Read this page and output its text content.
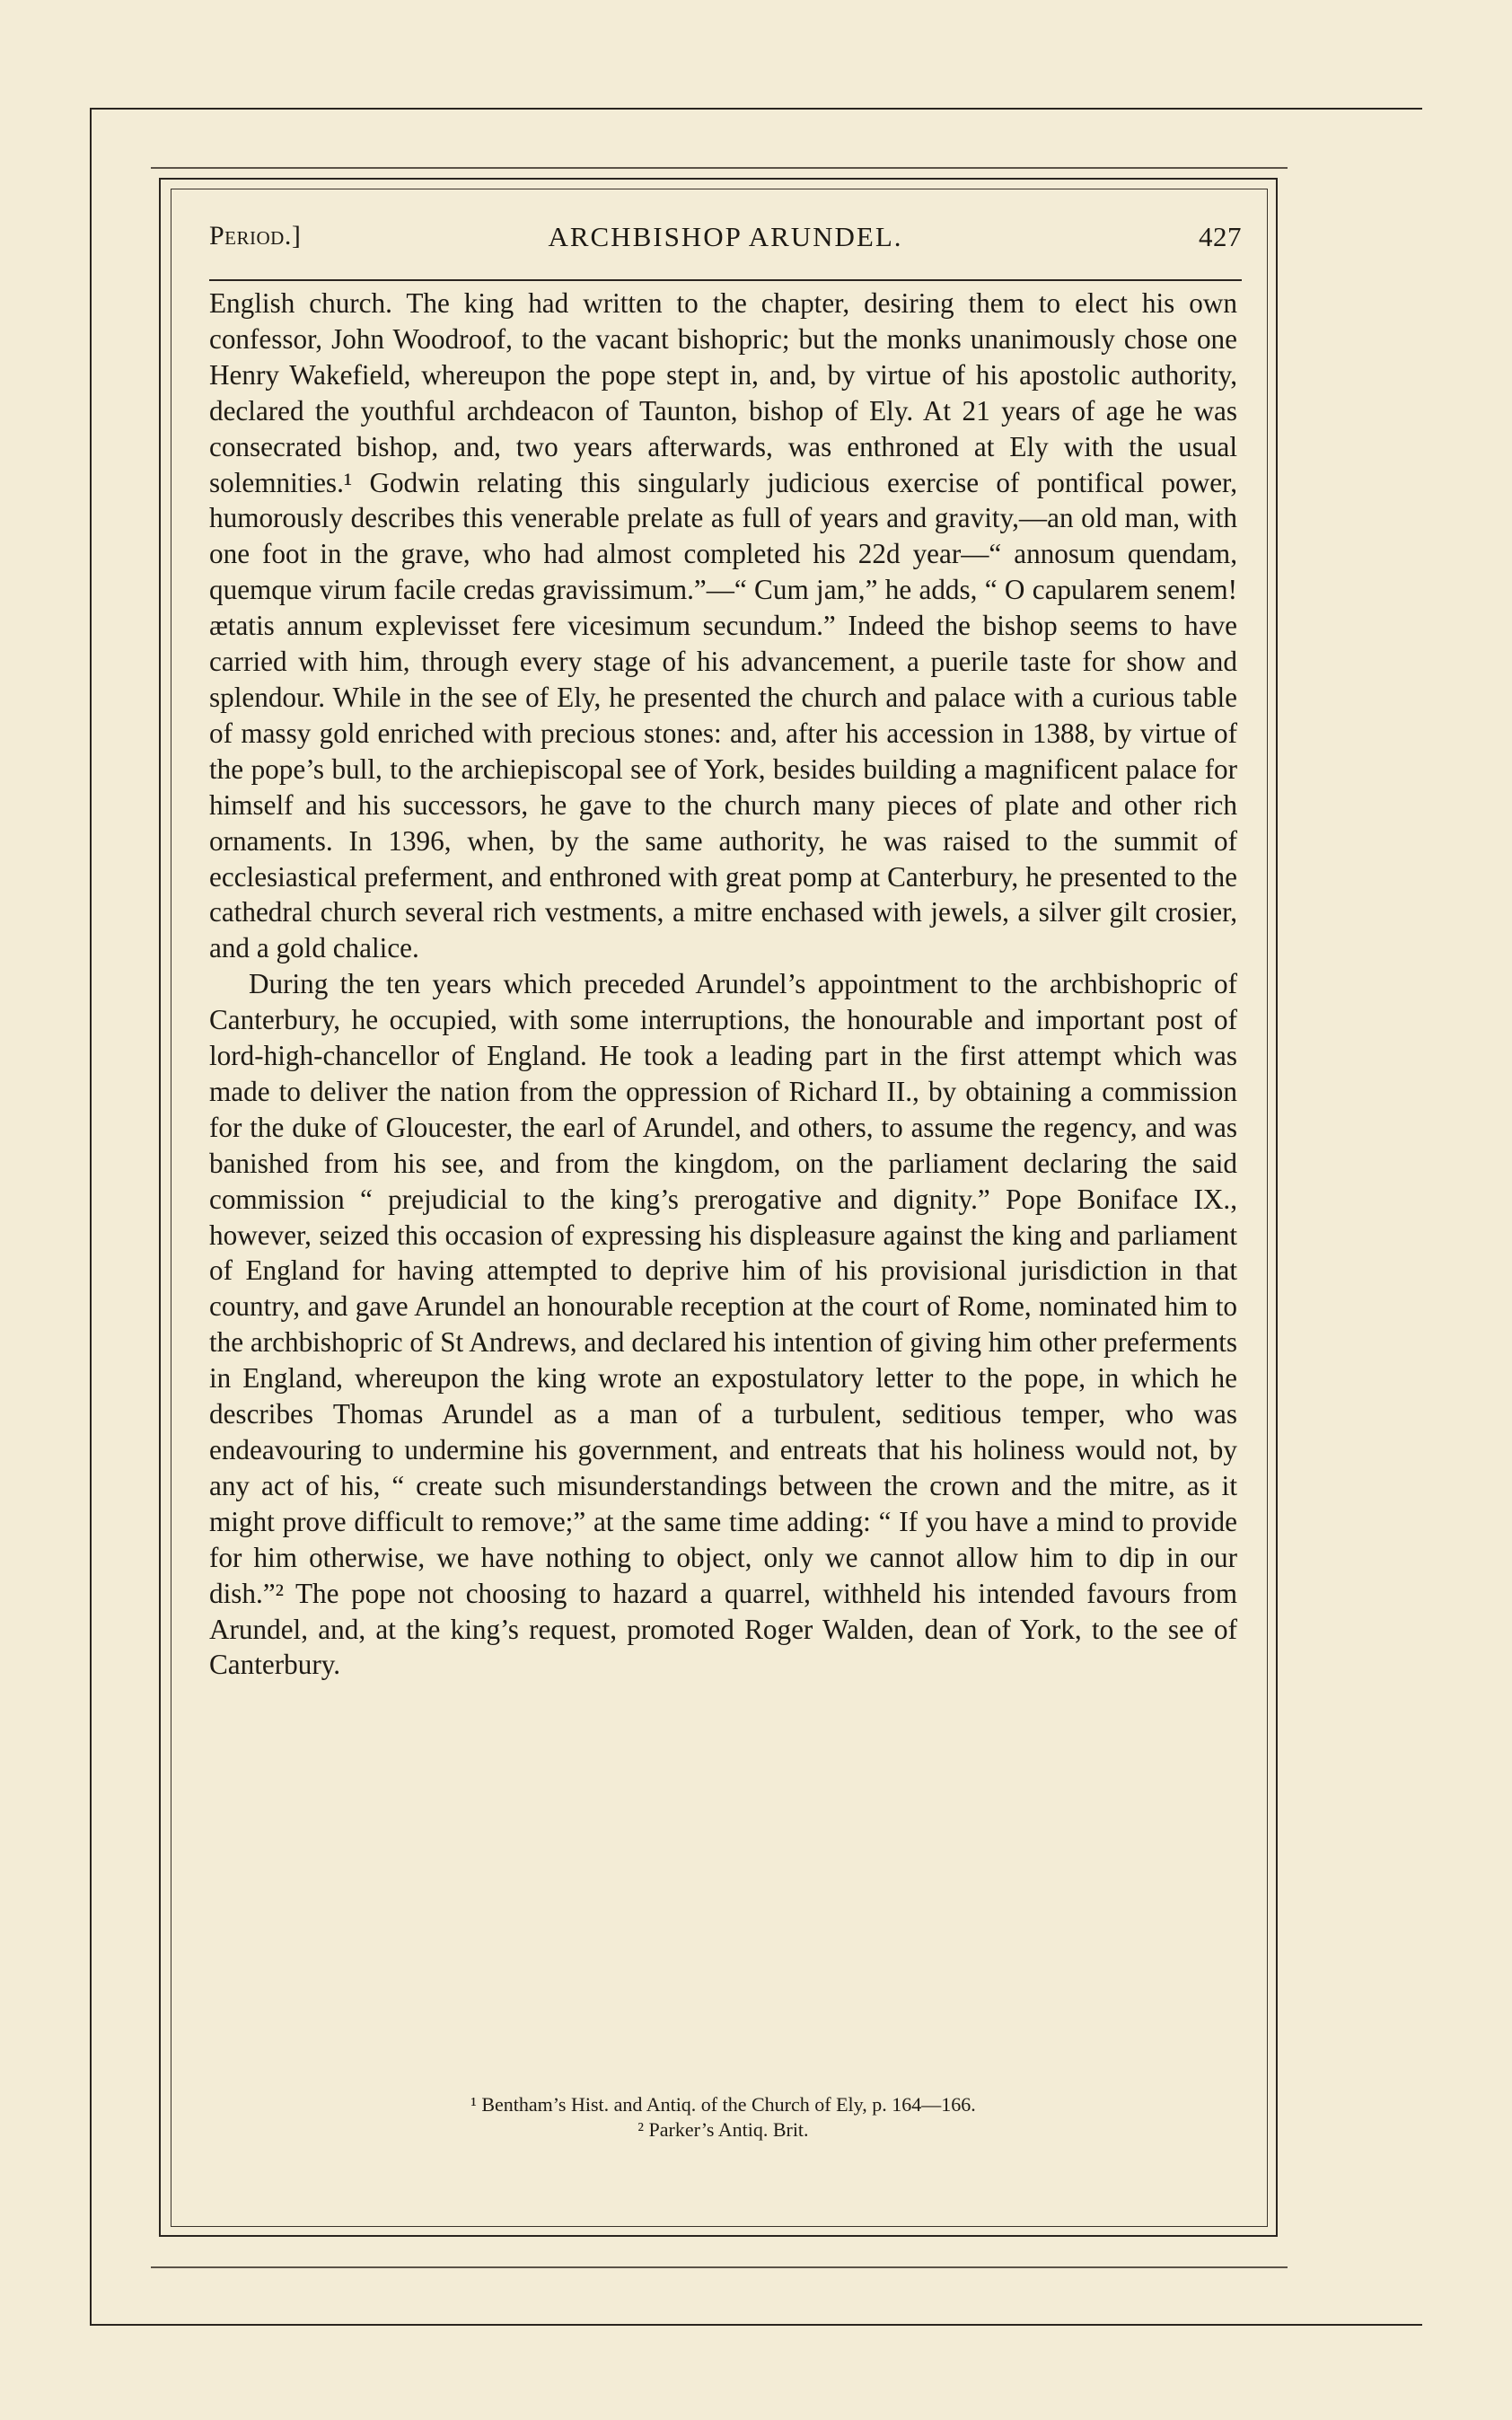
Period.]	ARCHBISHOP ARUNDEL.	427

English church. The king had written to the chapter, desiring them to elect his own confessor, John Woodroof, to the vacant bishopric; but the monks unanimously chose one Henry Wakefield, whereupon the pope stept in, and, by virtue of his apostolic authority, declared the youthful archdeacon of Taunton, bishop of Ely. At 21 years of age he was consecrated bishop, and, two years afterwards, was enthroned at Ely with the usual solemnities.¹ Godwin relating this singularly judicious exercise of pontifical power, humorously describes this venerable prelate as full of years and gravity,—an old man, with one foot in the grave, who had almost completed his 22d year—“ annosum quendam, quemque virum facile credas gravissimum.”—“ Cum jam,” he adds, “ O capularem senem! ætatis annum explevisset fere vicesimum secundum.” Indeed the bishop seems to have carried with him, through every stage of his advancement, a puerile taste for show and splendour. While in the see of Ely, he presented the church and palace with a curious table of massy gold enriched with precious stones: and, after his accession in 1388, by virtue of the pope’s bull, to the archiepiscopal see of York, besides building a magnificent palace for himself and his successors, he gave to the church many pieces of plate and other rich ornaments. In 1396, when, by the same authority, he was raised to the summit of ecclesiastical preferment, and enthroned with great pomp at Canterbury, he presented to the cathedral church several rich vestments, a mitre enchased with jewels, a silver gilt crosier, and a gold chalice.

During the ten years which preceded Arundel’s appointment to the archbishopric of Canterbury, he occupied, with some interruptions, the honourable and important post of lord-high-chancellor of England. He took a leading part in the first attempt which was made to deliver the nation from the oppression of Richard II., by obtaining a commission for the duke of Gloucester, the earl of Arundel, and others, to assume the regency, and was banished from his see, and from the kingdom, on the parliament declaring the said commission “ prejudicial to the king’s prerogative and dignity.” Pope Boniface IX., however, seized this occasion of expressing his displeasure against the king and parliament of England for having attempted to deprive him of his provisional jurisdiction in that country, and gave Arundel an honourable reception at the court of Rome, nominated him to the archbishopric of St Andrews, and declared his intention of giving him other preferments in England, whereupon the king wrote an expostulatory letter to the pope, in which he describes Thomas Arundel as a man of a turbulent, seditious temper, who was endeavouring to undermine his government, and entreats that his holiness would not, by any act of his, “ create such misunderstandings between the crown and the mitre, as it might prove difficult to remove;” at the same time adding: “ If you have a mind to provide for him otherwise, we have nothing to object, only we cannot allow him to dip in our dish.”² The pope not choosing to hazard a quarrel, withheld his intended favours from Arundel, and, at the king’s request, promoted Roger Walden, dean of York, to the see of Canterbury.

¹ Bentham’s Hist. and Antiq. of the Church of Ely, p. 164—166.
² Parker’s Antiq. Brit.
